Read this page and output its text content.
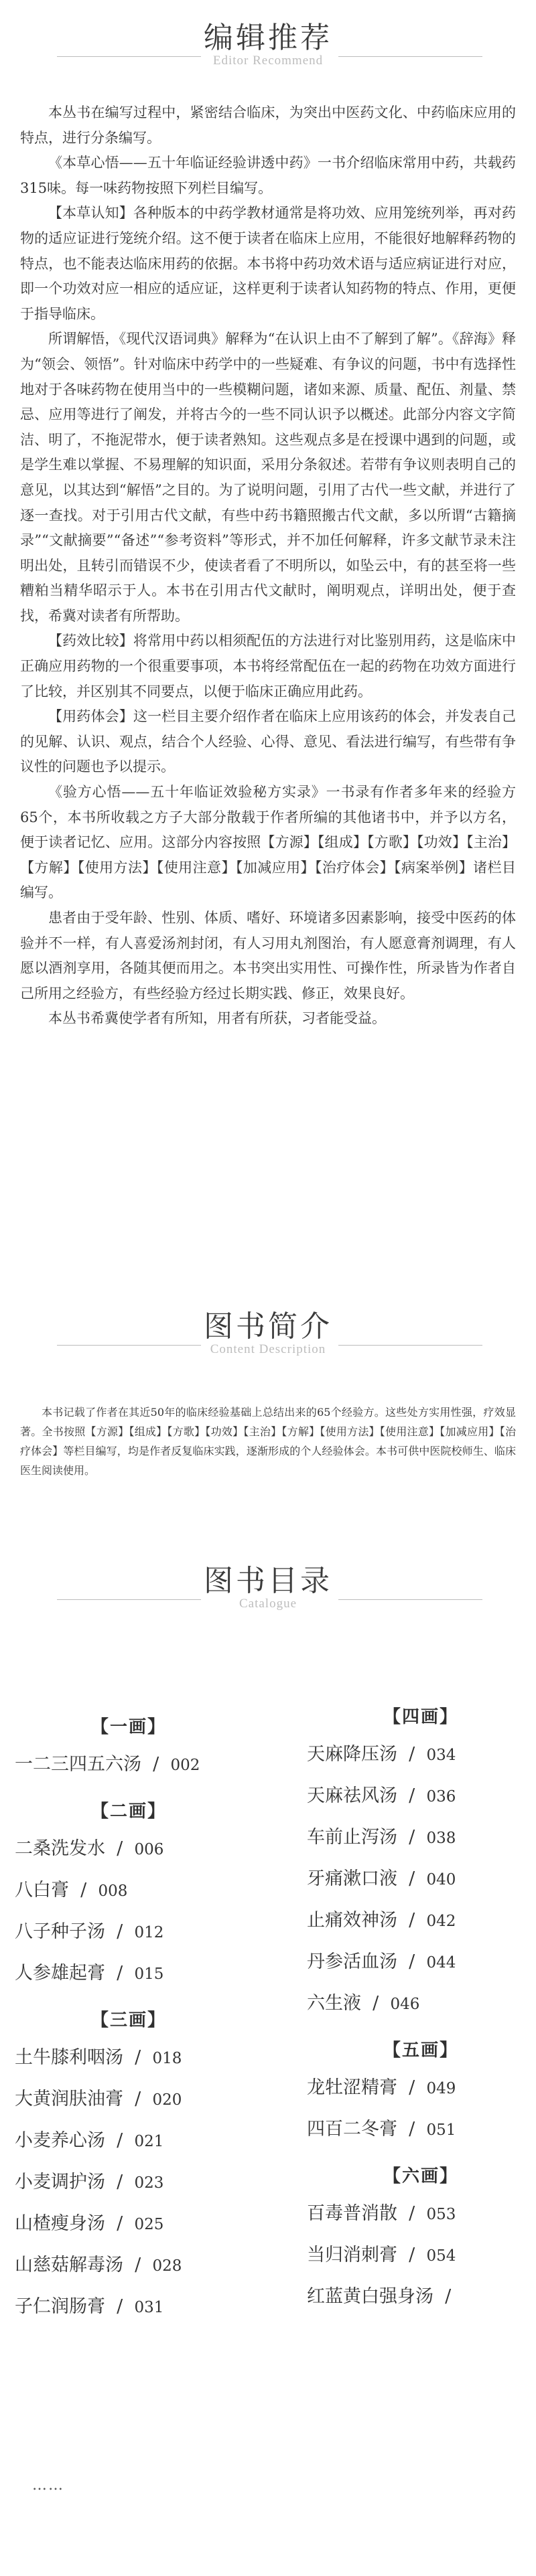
编辑推荐
Editor Recommend

本丛书在编写过程中，紧密结合临床，为突出中医药文化、中药临床应用的特点，进行分条编写。

《本草心悟——五十年临证经验讲透中药》一书介绍临床常用中药，共载药315味。每一味药物按照下列栏目编写。

【本草认知】各种版本的中药学教材通常是将功效、应用笼统列举，再对药物的适应证进行笼统介绍。这不便于读者在临床上应用，不能很好地解释药物的特点，也不能表达临床用药的依据。本书将中药功效术语与适应病证进行对应，即一个功效对应一相应的适应证，这样更利于读者认知药物的特点、作用，更便于指导临床。

所谓解悟，《现代汉语词典》解释为“在认识上由不了解到了解”。《辞海》释为“领会、领悟”。针对临床中药学中的一些疑难、有争议的问题，书中有选择性地对于各味药物在使用当中的一些模糊问题，诸如来源、质量、配伍、剂量、禁忌、应用等进行了阐发，并将古今的一些不同认识予以概述。此部分内容文字简洁、明了，不拖泥带水，便于读者熟知。这些观点多是在授课中遇到的问题，或是学生难以掌握、不易理解的知识面，采用分条叙述。若带有争议则表明自己的意见，以其达到“解悟”之目的。为了说明问题，引用了古代一些文献，并进行了逐一查找。对于引用古代文献，有些中药书籍照搬古代文献，多以所谓“古籍摘录”“文献摘要”“备述”“参考资料”等形式，并不加任何解释，许多文献节录未注明出处，且转引而错误不少，使读者看了不明所以，如坠云中，有的甚至将一些糟粕当精华昭示于人。本书在引用古代文献时，阐明观点，详明出处，便于查找，希冀对读者有所帮助。

【药效比较】将常用中药以相须配伍的方法进行对比鉴别用药，这是临床中正确应用药物的一个很重要事项，本书将经常配伍在一起的药物在功效方面进行了比较，并区别其不同要点，以便于临床正确应用此药。

【用药体会】这一栏目主要介绍作者在临床上应用该药的体会，并发表自己的见解、认识、观点，结合个人经验、心得、意见、看法进行编写，有些带有争议性的问题也予以提示。

《验方心悟——五十年临证效验秘方实录》一书录有作者多年来的经验方65个，本书所收载之方子大部分散载于作者所编的其他诸书中，并予以方名，便于读者记忆、应用。这部分内容按照【方源】【组成】【方歌】【功效】【主治】【方解】【使用方法】【使用注意】【加减应用】【治疗体会】【病案举例】诸栏目编写。

患者由于受年龄、性别、体质、嗜好、环境诸多因素影响，接受中医药的体验并不一样，有人喜爱汤剂封闭，有人习用丸剂图治，有人愿意膏剂调理，有人愿以酒剂享用，各随其便而用之。本书突出实用性、可操作性，所录皆为作者自己所用之经验方，有些经验方经过长期实践、修正，效果良好。

本丛书希冀使学者有所知，用者有所获，习者能受益。

图书简介
Content Description

本书记载了作者在其近50年的临床经验基础上总结出来的65个经验方。这些处方实用性强，疗效显著。全书按照【方源】【组成】【方歌】【功效】【主治】【方解】【使用方法】【使用注意】【加减应用】【治疗体会】等栏目编写，均是作者反复临床实践，逐渐形成的个人经验体会。本书可供中医院校师生、临床医生阅读使用。

图书目录
Catalogue
【一画】
一二三四五六汤  /  002
【二画】
二桑洗发水  /  006
八白膏  /  008
八子种子汤  /  012
人参雄起膏  /  015
【三画】
土牛膝利咽汤  /  018
大黄润肤油膏  /  020
小麦养心汤  /  021
小麦调护汤  /  023
山楂瘦身汤  /  025
山慈菇解毒汤  /  028
子仁润肠膏  /  031
【四画】
天麻降压汤  /  034
天麻祛风汤  /  036
车前止泻汤  /  038
牙痛漱口液  /  040
止痛效神汤  /  042
丹参活血汤  /  044
六生液  /  046
【五画】
龙牡涩精膏  /  049
四百二冬膏  /  051
【六画】
百毒普消散  /  053
当归消刺膏  /  054
红蓝黄白强身汤  /
……
